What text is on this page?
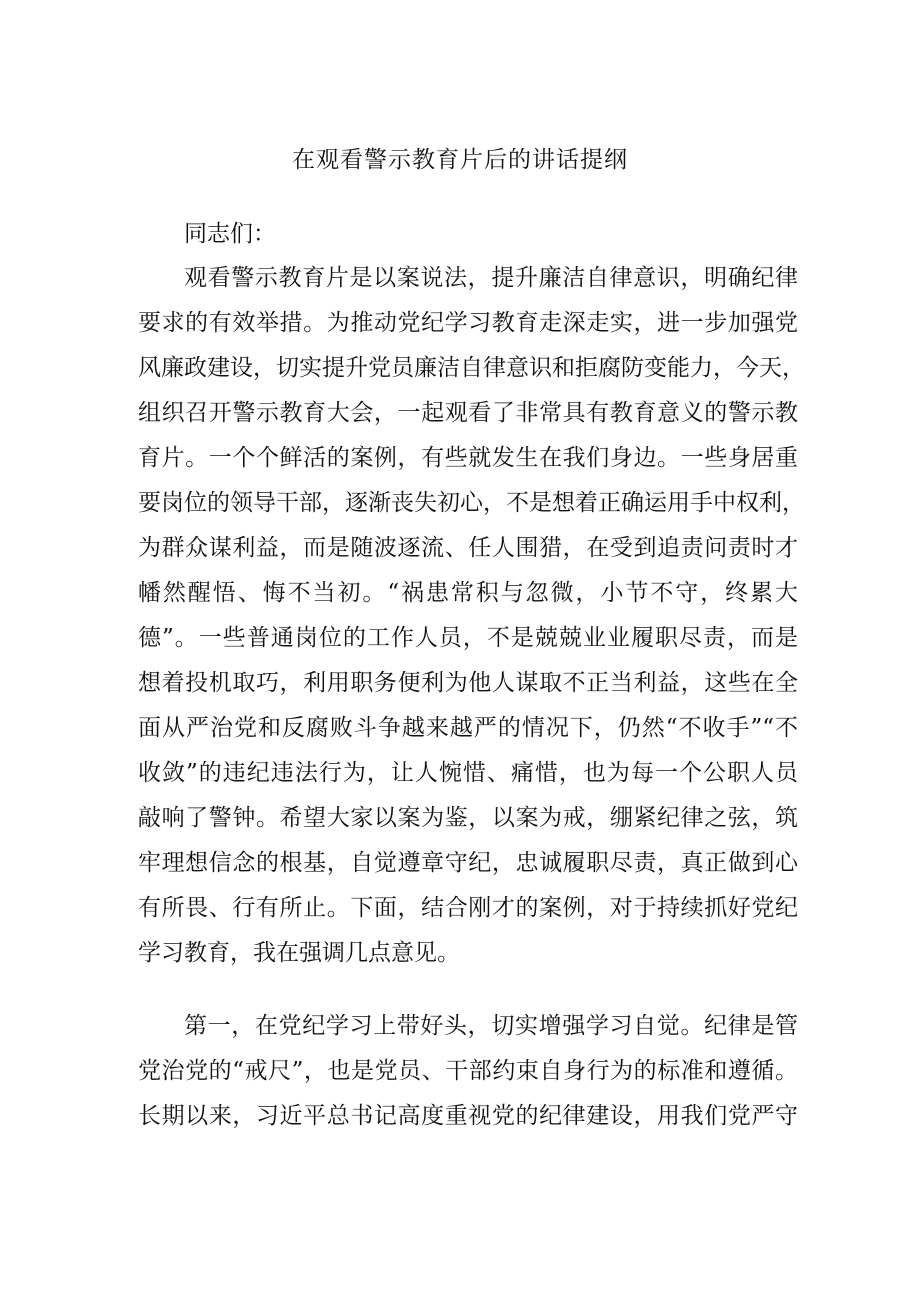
在观看警示教育片后的讲话提纲
同志们：
观看警示教育片是以案说法，提升廉洁自律意识，明确纪律
要求的有效举措。为推动党纪学习教育走深走实，进一步加强党
风廉政建设，切实提升党员廉洁自律意识和拒腐防变能力，今天，
组织召开警示教育大会，一起观看了非常具有教育意义的警示教
育片。一个个鲜活的案例，有些就发生在我们身边。一些身居重
要岗位的领导干部，逐渐丧失初心，不是想着正确运用手中权利，
为群众谋利益，而是随波逐流、任人围猎，在受到追责问责时才
幡然醒悟、悔不当初。“祸患常积与忽微，小节不守，终累大
德”。一些普通岗位的工作人员，不是兢兢业业履职尽责，而是
想着投机取巧，利用职务便利为他人谋取不正当利益，这些在全
面从严治党和反腐败斗争越来越严的情况下，仍然“不收手”“不
收敛”的违纪违法行为，让人惋惜、痛惜，也为每一个公职人员
敲响了警钟。希望大家以案为鉴，以案为戒，绷紧纪律之弦，筑
牢理想信念的根基，自觉遵章守纪，忠诚履职尽责，真正做到心
有所畏、行有所止。下面，结合刚才的案例，对于持续抓好党纪
学习教育，我在强调几点意见。
第一，在党纪学习上带好头，切实增强学习自觉。纪律是管
党治党的“戒尺”，也是党员、干部约束自身行为的标准和遵循。
长期以来，习近平总书记高度重视党的纪律建设，用我们党严守
